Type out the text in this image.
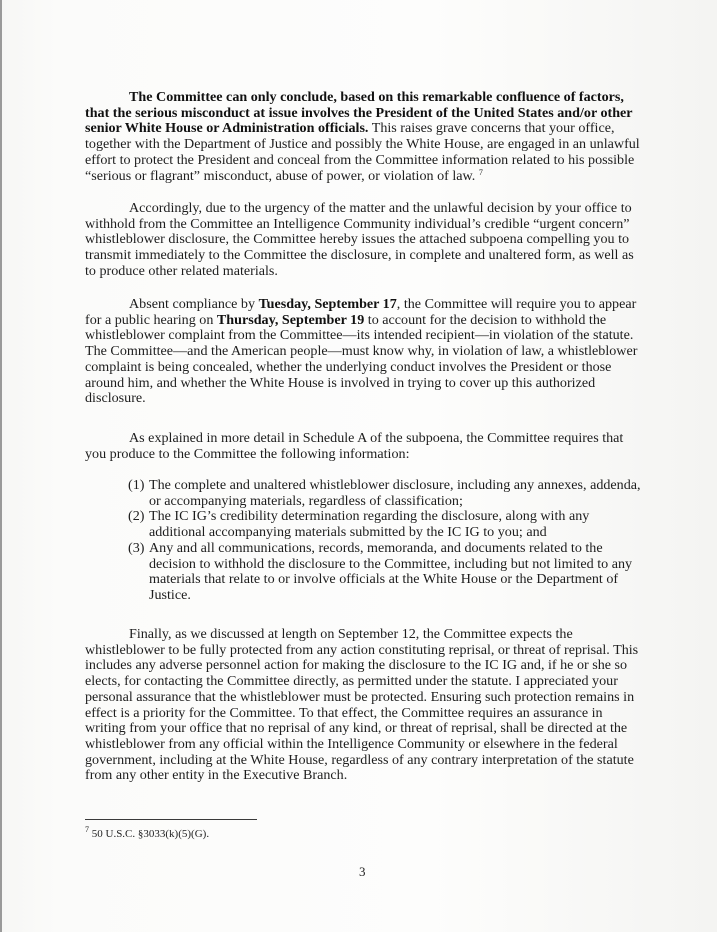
The Committee can only conclude, based on this remarkable confluence of factors, that the serious misconduct at issue involves the President of the United States and/or other senior White House or Administration officials. This raises grave concerns that your office, together with the Department of Justice and possibly the White House, are engaged in an unlawful effort to protect the President and conceal from the Committee information related to his possible “serious or flagrant” misconduct, abuse of power, or violation of law. $^7$

Accordingly, due to the urgency of the matter and the unlawful decision by your office to withhold from the Committee an Intelligence Community individual’s credible “urgent concern” whistleblower disclosure, the Committee hereby issues the attached subpoena compelling you to transmit immediately to the Committee the disclosure, in complete and unaltered form, as well as to produce other related materials.

Absent compliance by Tuesday, September 17, the Committee will require you to appear for a public hearing on Thursday, September 19 to account for the decision to withhold the whistleblower complaint from the Committee—its intended recipient—in violation of the statute. The Committee—and the American people—must know why, in violation of law, a whistleblower complaint is being concealed, whether the underlying conduct involves the President or those around him, and whether the White House is involved in trying to cover up this authorized disclosure.

As explained in more detail in Schedule A of the subpoena, the Committee requires that you produce to the Committee the following information:

(1) The complete and unaltered whistleblower disclosure, including any annexes, addenda, or accompanying materials, regardless of classification;

(2) The IC IG’s credibility determination regarding the disclosure, along with any additional accompanying materials submitted by the IC IG to you; and

(3) Any and all communications, records, memoranda, and documents related to the decision to withhold the disclosure to the Committee, including but not limited to any materials that relate to or involve officials at the White House or the Department of Justice.

Finally, as we discussed at length on September 12, the Committee expects the whistleblower to be fully protected from any action constituting reprisal, or threat of reprisal. This includes any adverse personnel action for making the disclosure to the IC IG and, if he or she so elects, for contacting the Committee directly, as permitted under the statute. I appreciated your personal assurance that the whistleblower must be protected. Ensuring such protection remains in effect is a priority for the Committee. To that effect, the Committee requires an assurance in writing from your office that no reprisal of any kind, or threat of reprisal, shall be directed at the whistleblower from any official within the Intelligence Community or elsewhere in the federal government, including at the White House, regardless of any contrary interpretation of the statute from any other entity in the Executive Branch.

$^7$ 50 U.S.C. §3033(k)(5)(G).
3
